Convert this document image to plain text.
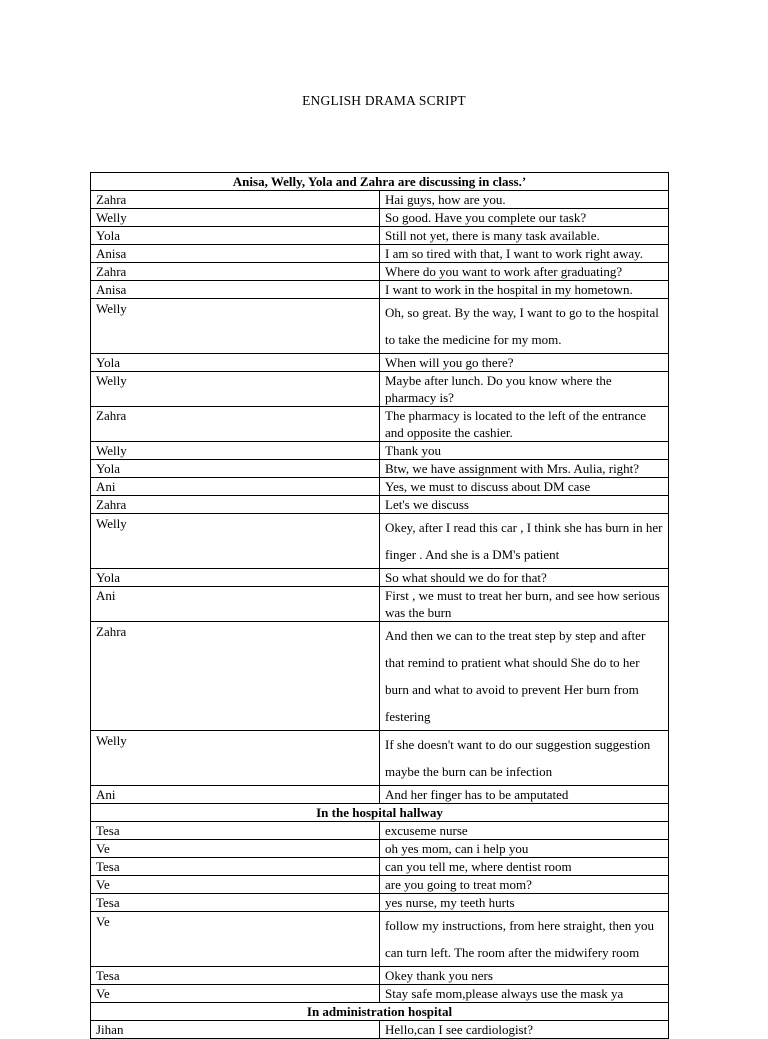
ENGLISH DRAMA SCRIPT
Anisa, Welly, Yola and Zahra are discussing in class.’	
Zahra	Hai guys, how are you.
Welly	So good. Have you complete our task?
Yola	Still not yet, there is many task available.
Anisa	I am so tired with that, I want to work right away.
Zahra	Where do you want to work after graduating?
Anisa	I want to work in the hospital in my hometown.
Welly	Oh, so great. By the way, I want to go to the hospital to take the medicine for my mom.
Yola	When will you go there?
Welly	Maybe after lunch. Do you know where the pharmacy is?
Zahra	The pharmacy is located to the left of the entrance and opposite the cashier.
Welly	Thank you
Yola	Btw, we have assignment with Mrs. Aulia, right?
Ani	Yes, we must to discuss about DM case
Zahra	Let's we discuss
Welly	Okey, after I read this car , I think she has burn in her finger . And she is a DM's patient
Yola	So what should we do for that?
Ani	First , we must to treat her burn, and see how serious was the burn
Zahra	And then we can to the treat step by step and after that remind to pratient what should She do to her burn and what to avoid to prevent Her burn from festering
Welly	If she doesn't want to do our suggestion suggestion maybe the burn can be infection
Ani	And her finger has to be amputated
In the hospital hallway	
Tesa	excuseme nurse
Ve	oh yes mom, can i help you
Tesa	can you tell me, where dentist room
Ve	are you going to treat mom?
Tesa	yes nurse, my teeth hurts
Ve	follow my instructions, from here straight, then you can turn left. The room after the midwifery room
Tesa	Okey thank you ners
Ve	Stay safe mom,please always use the mask ya
In administration hospital	
Jihan	Hello,can I see cardiologist?
